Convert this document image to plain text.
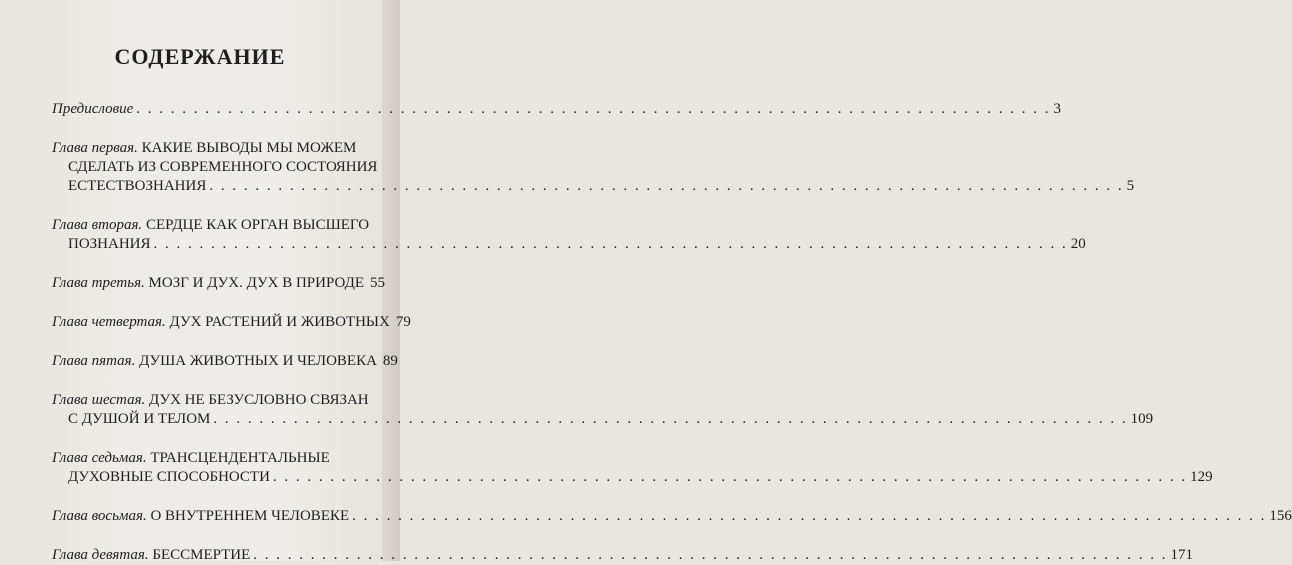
СОДЕРЖАНИЕ
Предисловие . . .	3
Глава первая.
КАКИЕ ВЫВОДЫ МЫ МОЖЕМ
СДЕЛАТЬ ИЗ СОВРЕМЕННОГО СОСТОЯНИЯ
ЕСТЕСТВОЗНАНИЯ . . .	5
Глава вторая.
СЕРДЦЕ КАК ОРГАН ВЫСШЕГО
ПОЗНАНИЯ . . .	20
Глава третья.
МОЗГ И ДУХ. ДУХ В ПРИРОДЕ 55
Глава четвертая.
ДУХ РАСТЕНИЙ И ЖИВОТНЫХ 79
Глава пятая.
ДУША ЖИВОТНЫХ И ЧЕЛОВЕКА 89
Глава шестая.
ДУХ НЕ БЕЗУСЛОВНО СВЯЗАН
С ДУШОЙ И ТЕЛОМ . . .	109
Глава седьмая.
ТРАНСЦЕНДЕНТАЛЬНЫЕ
ДУХОВНЫЕ СПОСОБНОСТИ . . .	129
Глава восьмая.
О ВНУТРЕННЕМ ЧЕЛОВЕКЕ . . .	156
Глава девятая.
БЕССМЕРТИЕ . . .	171
